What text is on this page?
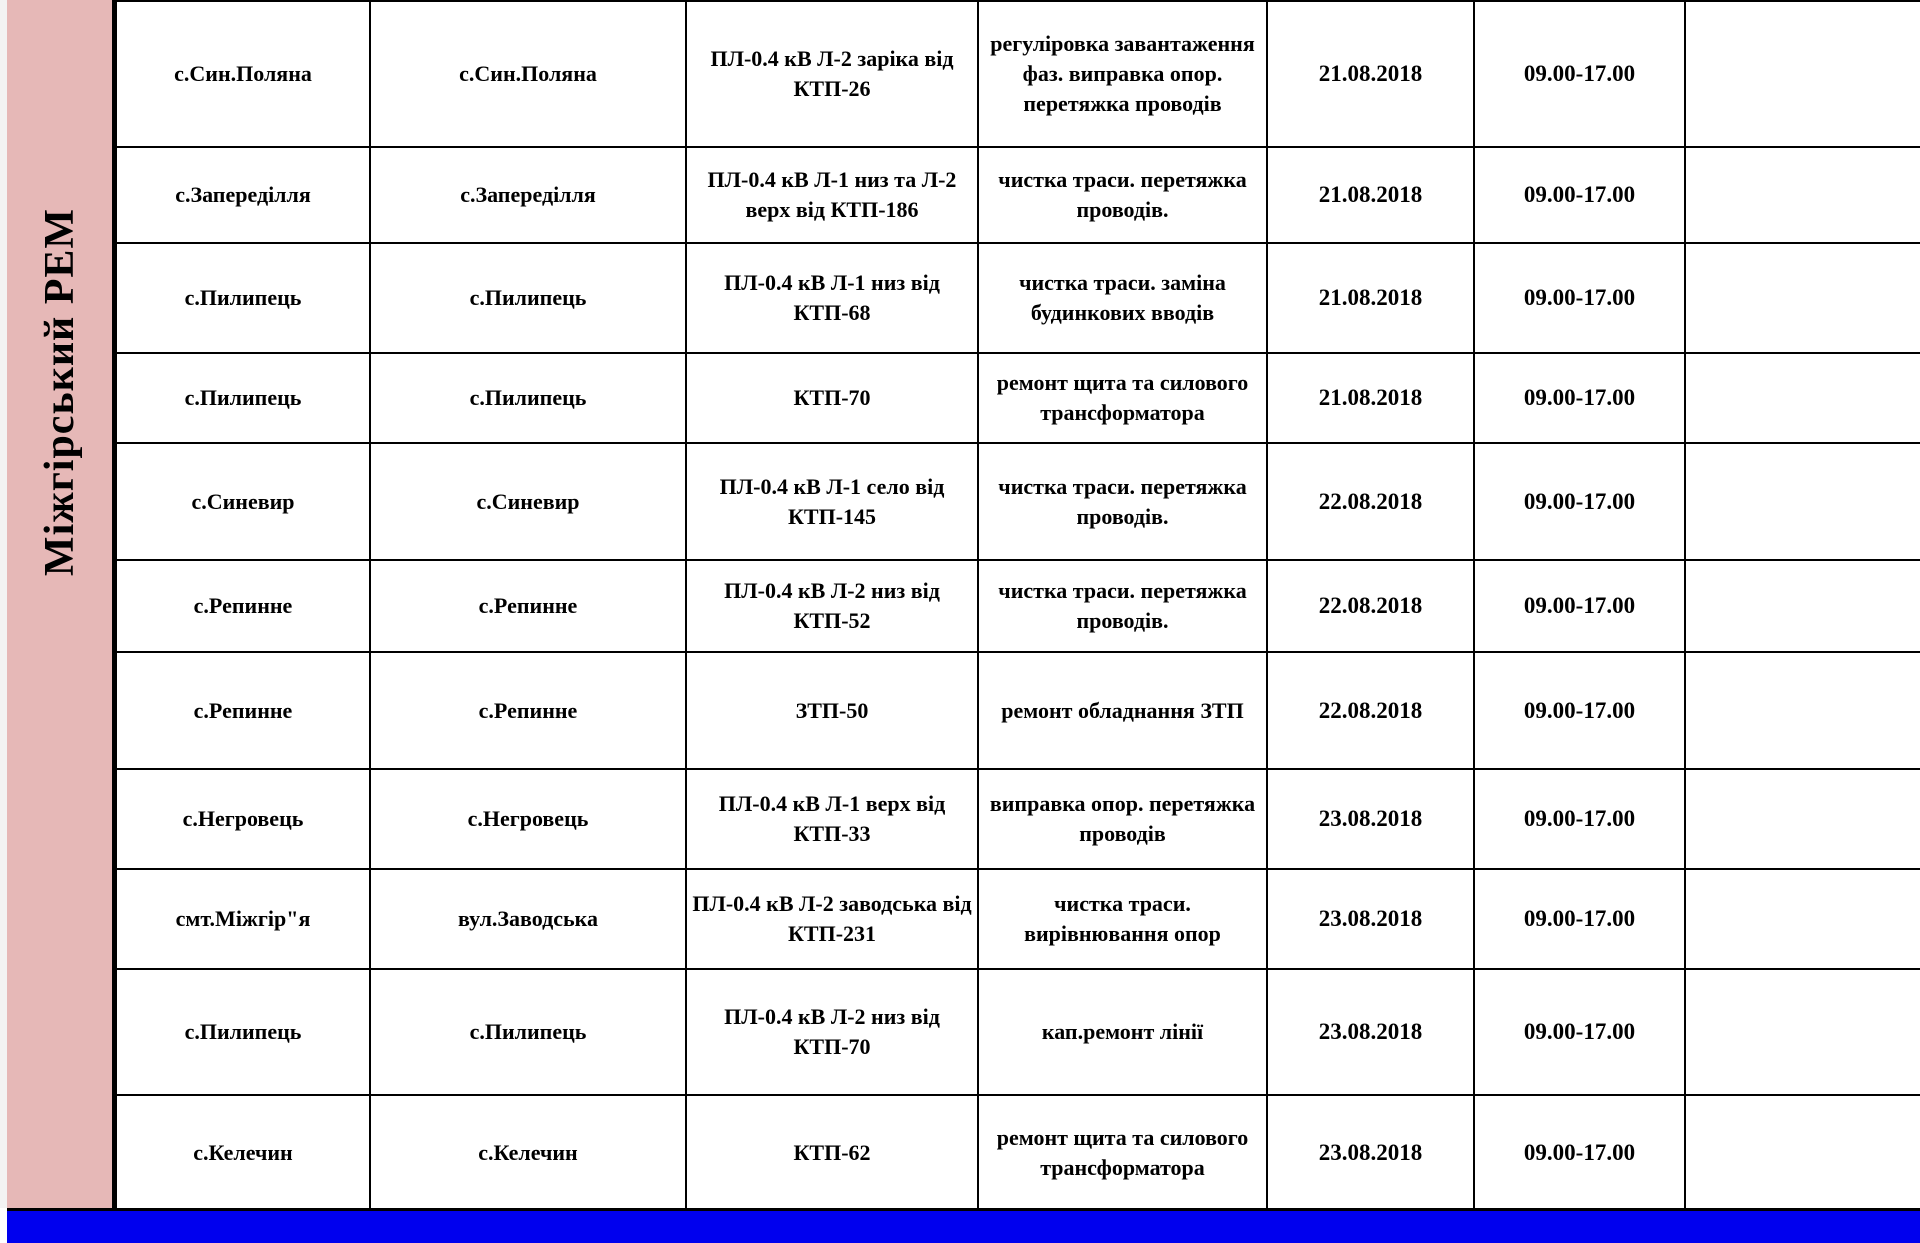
Міжгірський РЕМ
с.Син.Поляна	с.Син.Поляна	ПЛ-0.4 кВ Л-2 заріка від КТП-26	регуліровка завантаження фаз. виправка опор. перетяжка проводів	21.08.2018	09.00-17.00	
с.Запереділля	с.Запереділля	ПЛ-0.4 кВ Л-1 низ та Л-2 верх від КТП-186	чистка траси. перетяжка проводів.	21.08.2018	09.00-17.00	
с.Пилипець	с.Пилипець	ПЛ-0.4 кВ Л-1 низ від КТП-68	чистка траси. заміна будинкових вводів	21.08.2018	09.00-17.00	
с.Пилипець	с.Пилипець	КТП-70	ремонт щита та силового трансформатора	21.08.2018	09.00-17.00	
с.Синевир	с.Синевир	ПЛ-0.4 кВ Л-1 село від КТП-145	чистка траси. перетяжка проводів.	22.08.2018	09.00-17.00	
с.Репинне	с.Репинне	ПЛ-0.4 кВ Л-2 низ від КТП-52	чистка траси. перетяжка проводів.	22.08.2018	09.00-17.00	
с.Репинне	с.Репинне	ЗТП-50	ремонт обладнання ЗТП	22.08.2018	09.00-17.00	
с.Негровець	с.Негровець	ПЛ-0.4 кВ Л-1 верх від КТП-33	виправка опор. перетяжка проводів	23.08.2018	09.00-17.00	
смт.Міжгір"я	вул.Заводська	ПЛ-0.4 кВ Л-2 заводська від КТП-231	чистка траси. вирівнювання опор	23.08.2018	09.00-17.00	
с.Пилипець	с.Пилипець	ПЛ-0.4 кВ Л-2 низ від КТП-70	кап.ремонт лінії	23.08.2018	09.00-17.00	
с.Келечин	с.Келечин	КТП-62	ремонт щита та силового трансформатора	23.08.2018	09.00-17.00	
